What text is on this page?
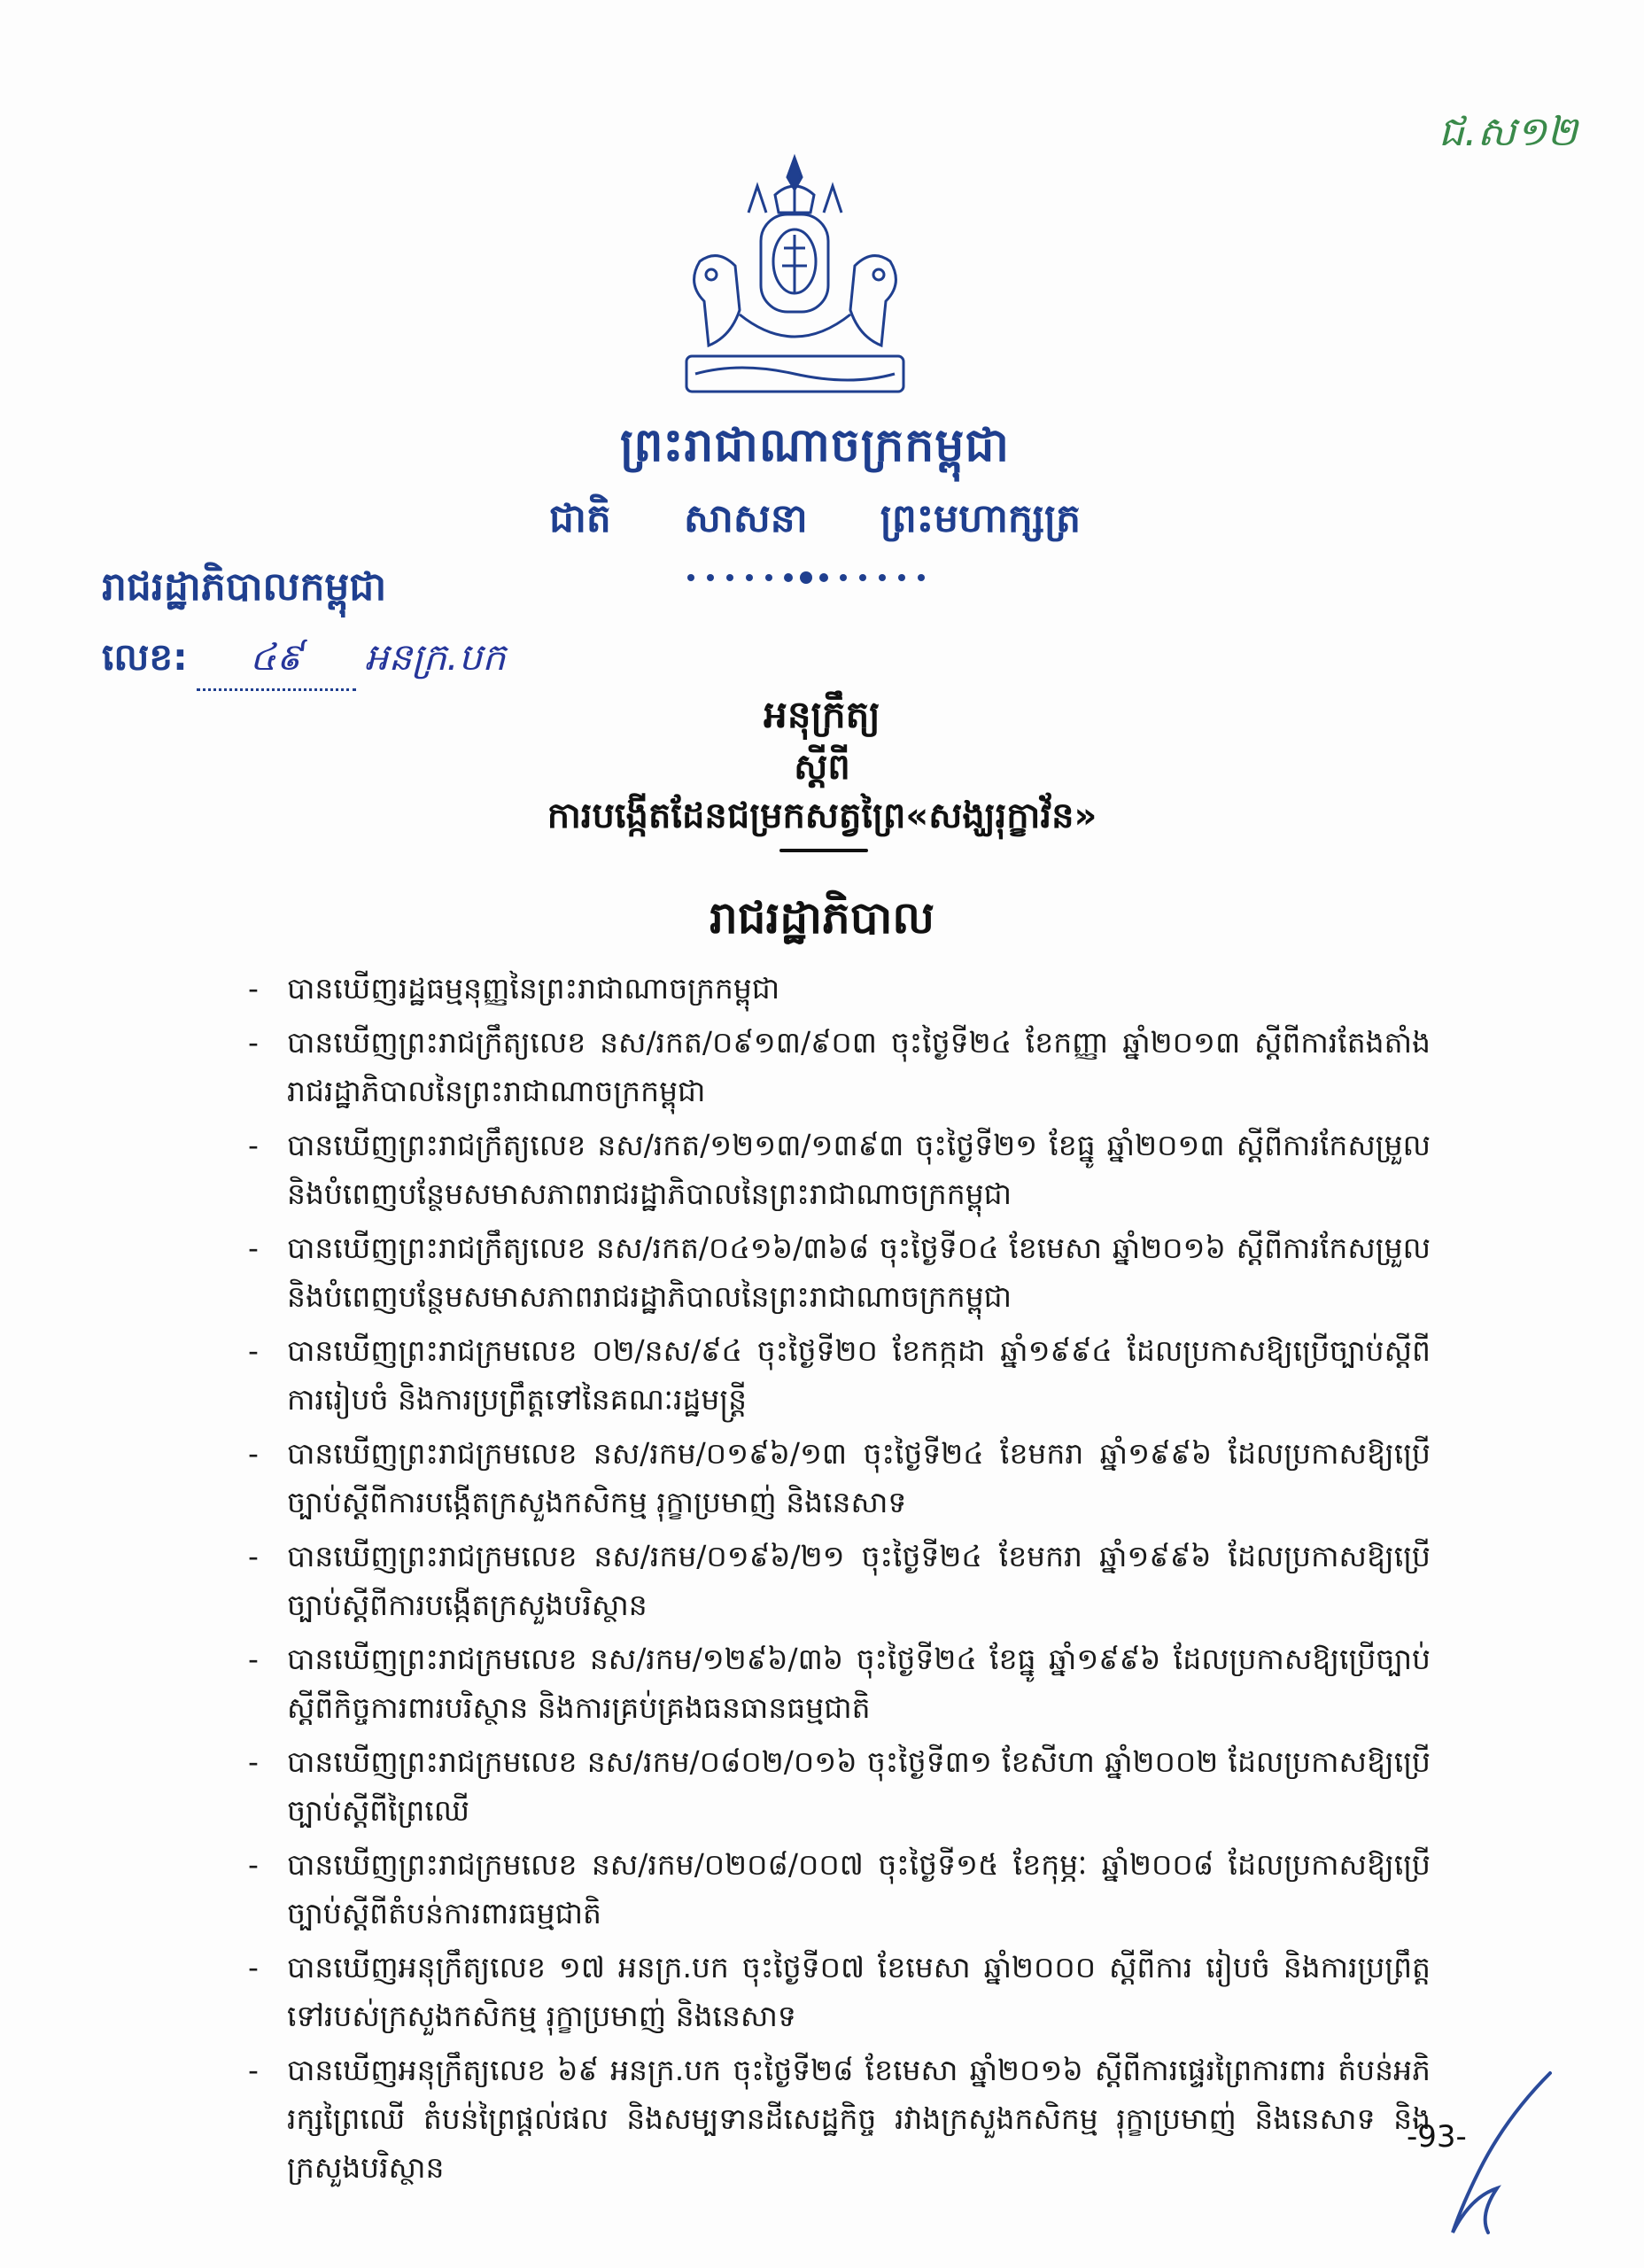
ជ.ស១២
ព្រះរាជាណាចក្រកម្ពុជា
ជាតិ សាសនា ព្រះមហាក្សត្រ
រាជរដ្ឋាភិបាលកម្ពុជា
លេខ:	៤៩	អនក្រ.បក
អនុក្រឹត្យ
ស្ដីពី
ការបង្កើតដែនជម្រកសត្វព្រៃ«សង្ឃរុក្ខាវ័ន»
រាជរដ្ឋាភិបាល
- បានឃើញរដ្ឋធម្មនុញ្ញនៃព្រះរាជាណាចក្រកម្ពុជា
- បានឃើញព្រះរាជក្រឹត្យលេខ នស/រកត/០៩១៣/៩០៣ ចុះថ្ងៃទី២៤ ខែកញ្ញា ឆ្នាំ២០១៣ ស្ដីពីការតែងតាំងរាជរដ្ឋាភិបាលនៃព្រះរាជាណាចក្រកម្ពុជា
- បានឃើញព្រះរាជក្រឹត្យលេខ នស/រកត/១២១៣/១៣៩៣ ចុះថ្ងៃទី២១ ខែធ្នូ ឆ្នាំ២០១៣ ស្ដីពីការកែសម្រួល និងបំពេញបន្ថែមសមាសភាពរាជរដ្ឋាភិបាលនៃព្រះរាជាណាចក្រកម្ពុជា
- បានឃើញព្រះរាជក្រឹត្យលេខ នស/រកត/០៤១៦/៣៦៨ ចុះថ្ងៃទី០៤ ខែមេសា ឆ្នាំ២០១៦ ស្ដីពីការកែសម្រួល និងបំពេញបន្ថែមសមាសភាពរាជរដ្ឋាភិបាលនៃព្រះរាជាណាចក្រកម្ពុជា
- បានឃើញព្រះរាជក្រមលេខ ០២/នស/៩៤ ចុះថ្ងៃទី២០ ខែកក្កដា ឆ្នាំ១៩៩៤ ដែលប្រកាសឱ្យប្រើច្បាប់ស្ដីពីការរៀបចំ និងការប្រព្រឹត្តទៅនៃគណៈរដ្ឋមន្ត្រី
- បានឃើញព្រះរាជក្រមលេខ នស/រកម/០១៩៦/១៣ ចុះថ្ងៃទី២៤ ខែមករា ឆ្នាំ១៩៩៦ ដែលប្រកាសឱ្យប្រើច្បាប់ស្ដីពីការបង្កើតក្រសួងកសិកម្ម រុក្ខាប្រមាញ់ និងនេសាទ
- បានឃើញព្រះរាជក្រមលេខ នស/រកម/០១៩៦/២១ ចុះថ្ងៃទី២៤ ខែមករា ឆ្នាំ១៩៩៦ ដែលប្រកាសឱ្យប្រើច្បាប់ស្ដីពីការបង្កើតក្រសួងបរិស្ថាន
- បានឃើញព្រះរាជក្រមលេខ នស/រកម/១២៩៦/៣៦ ចុះថ្ងៃទី២៤ ខែធ្នូ ឆ្នាំ១៩៩៦ ដែលប្រកាសឱ្យប្រើច្បាប់ស្ដីពីកិច្ចការពារបរិស្ថាន និងការគ្រប់គ្រងធនធានធម្មជាតិ
- បានឃើញព្រះរាជក្រមលេខ នស/រកម/០៨០២/០១៦ ចុះថ្ងៃទី៣១ ខែសីហា ឆ្នាំ២០០២ ដែលប្រកាសឱ្យប្រើច្បាប់ស្ដីពីព្រៃឈើ
- បានឃើញព្រះរាជក្រមលេខ នស/រកម/០២០៨/០០៧ ចុះថ្ងៃទី១៥ ខែកុម្ភៈ ឆ្នាំ២០០៨ ដែលប្រកាសឱ្យប្រើច្បាប់ស្ដីពីតំបន់ការពារធម្មជាតិ
- បានឃើញអនុក្រឹត្យលេខ ១៧ អនក្រ.បក ចុះថ្ងៃទី០៧ ខែមេសា ឆ្នាំ២០០០ ស្ដីពីការ រៀបចំ និងការប្រព្រឹត្តទៅរបស់ក្រសួងកសិកម្ម រុក្ខាប្រមាញ់ និងនេសាទ
- បានឃើញអនុក្រឹត្យលេខ ៦៩ អនក្រ.បក ចុះថ្ងៃទី២៨ ខែមេសា ឆ្នាំ២០១៦ ស្ដីពីការផ្ទេរព្រៃការពារ តំបន់អភិរក្សព្រៃឈើ តំបន់ព្រៃផ្ដល់ផល និងសម្បទានដីសេដ្ឋកិច្ច រវាងក្រសួងកសិកម្ម រុក្ខាប្រមាញ់ និងនេសាទ និងក្រសួងបរិស្ថាន
-93-
